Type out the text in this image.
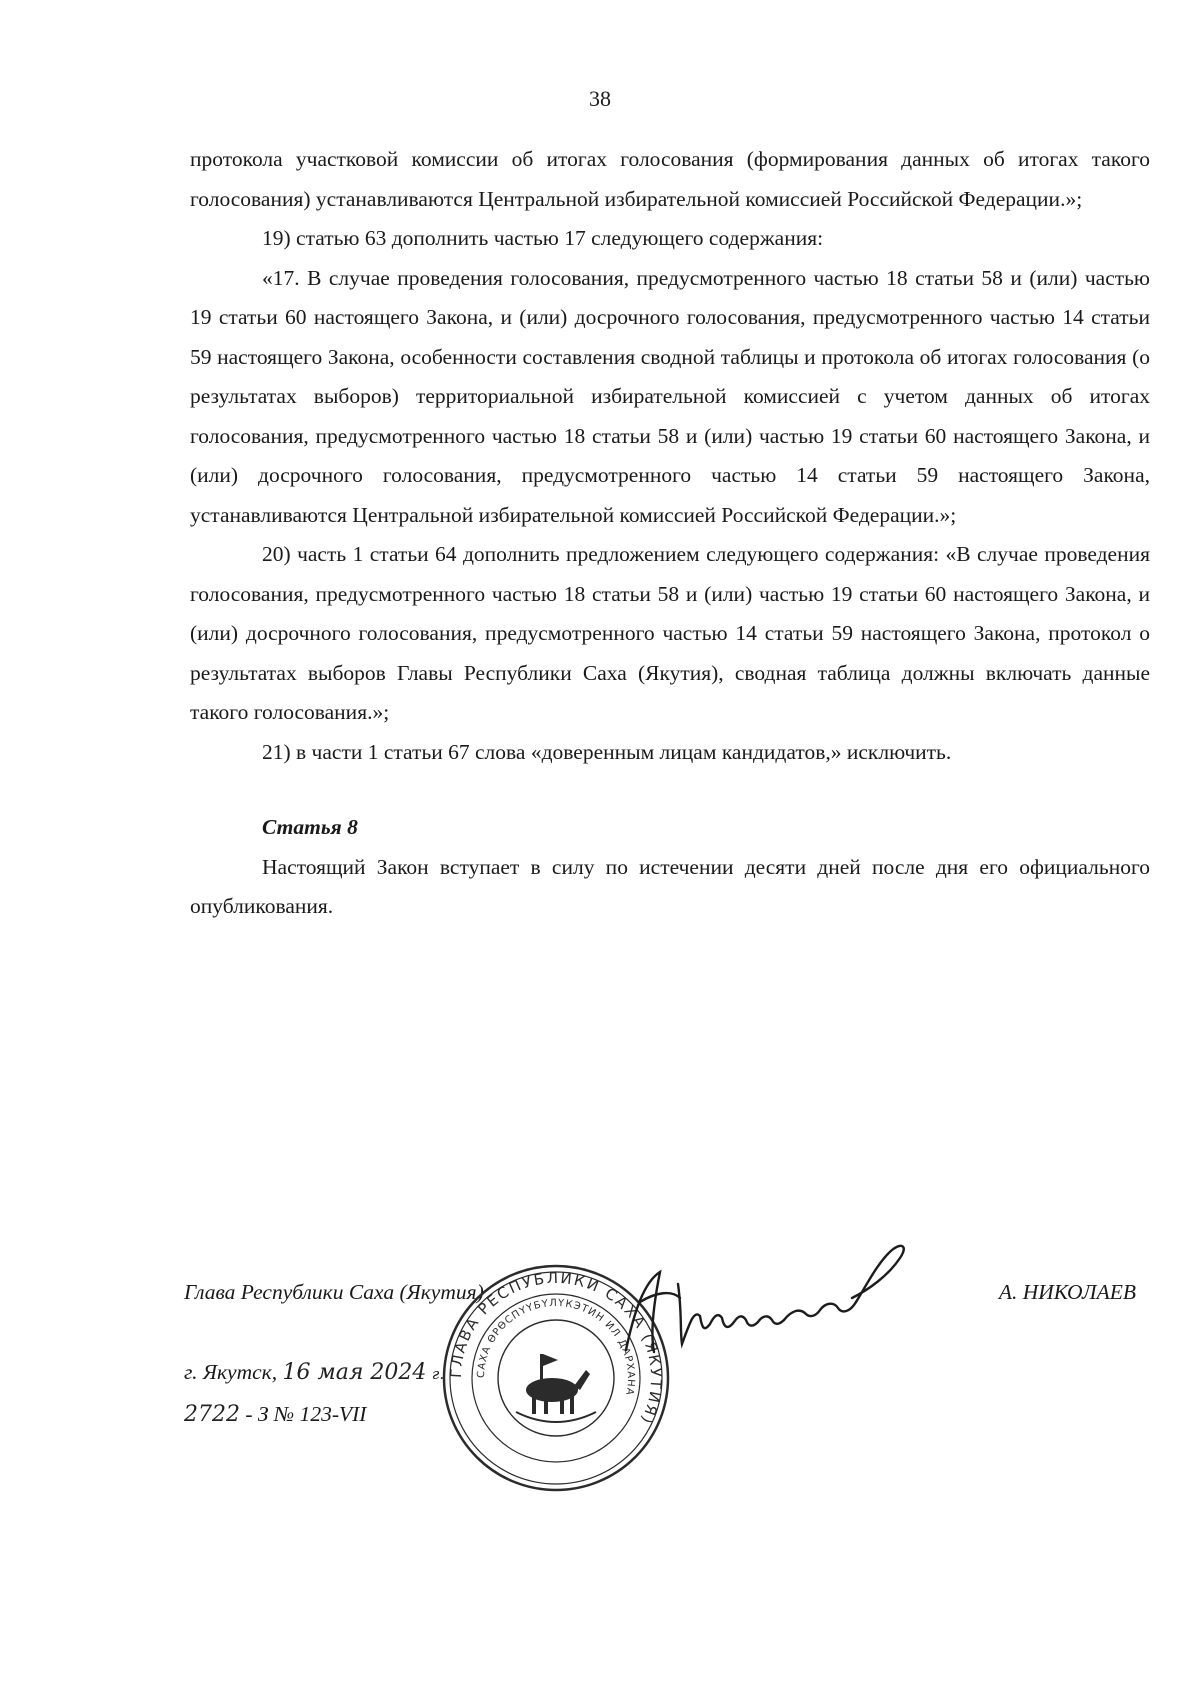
38

протокола участковой комиссии об итогах голосования (формирования данных об итогах такого голосования) устанавливаются Центральной избирательной комиссией Российской Федерации.»;

19) статью 63 дополнить частью 17 следующего содержания:

«17. В случае проведения голосования, предусмотренного частью 18 статьи 58 и (или) частью 19 статьи 60 настоящего Закона, и (или) досрочного голосования, предусмотренного частью 14 статьи 59 настоящего Закона, особенности составления сводной таблицы и протокола об итогах голосования (о результатах выборов) территориальной избирательной комиссией с учетом данных об итогах голосования, предусмотренного частью 18 статьи 58 и (или) частью 19 статьи 60 настоящего Закона, и (или) досрочного голосования, предусмотренного частью 14 статьи 59 настоящего Закона, устанавливаются Центральной избирательной комиссией Российской Федерации.»;

20) часть 1 статьи 64 дополнить предложением следующего содержания: «В случае проведения голосования, предусмотренного частью 18 статьи 58 и (или) частью 19 статьи 60 настоящего Закона, и (или) досрочного голосования, предусмотренного частью 14 статьи 59 настоящего Закона, протокол о результатах выборов Главы Республики Саха (Якутия), сводная таблица должны включать данные такого голосования.»;

21) в части 1 статьи 67 слова «доверенным лицам кандидатов,» исключить.

Статья 8

Настоящий Закон вступает в силу по истечении десяти дней после дня его официального опубликования.

Глава Республики Саха (Якутия)	А. НИКОЛАЕВ
г. Якутск, 16 мая 2024 г.
2722 - З № 123-VII
ГЛАВА РЕСПУБЛИКИ САХА (ЯКУТИЯ)
САХА ӨРӨСПҮҮБҮЛҮКЭТИН ИЛ ДАРХАНА
